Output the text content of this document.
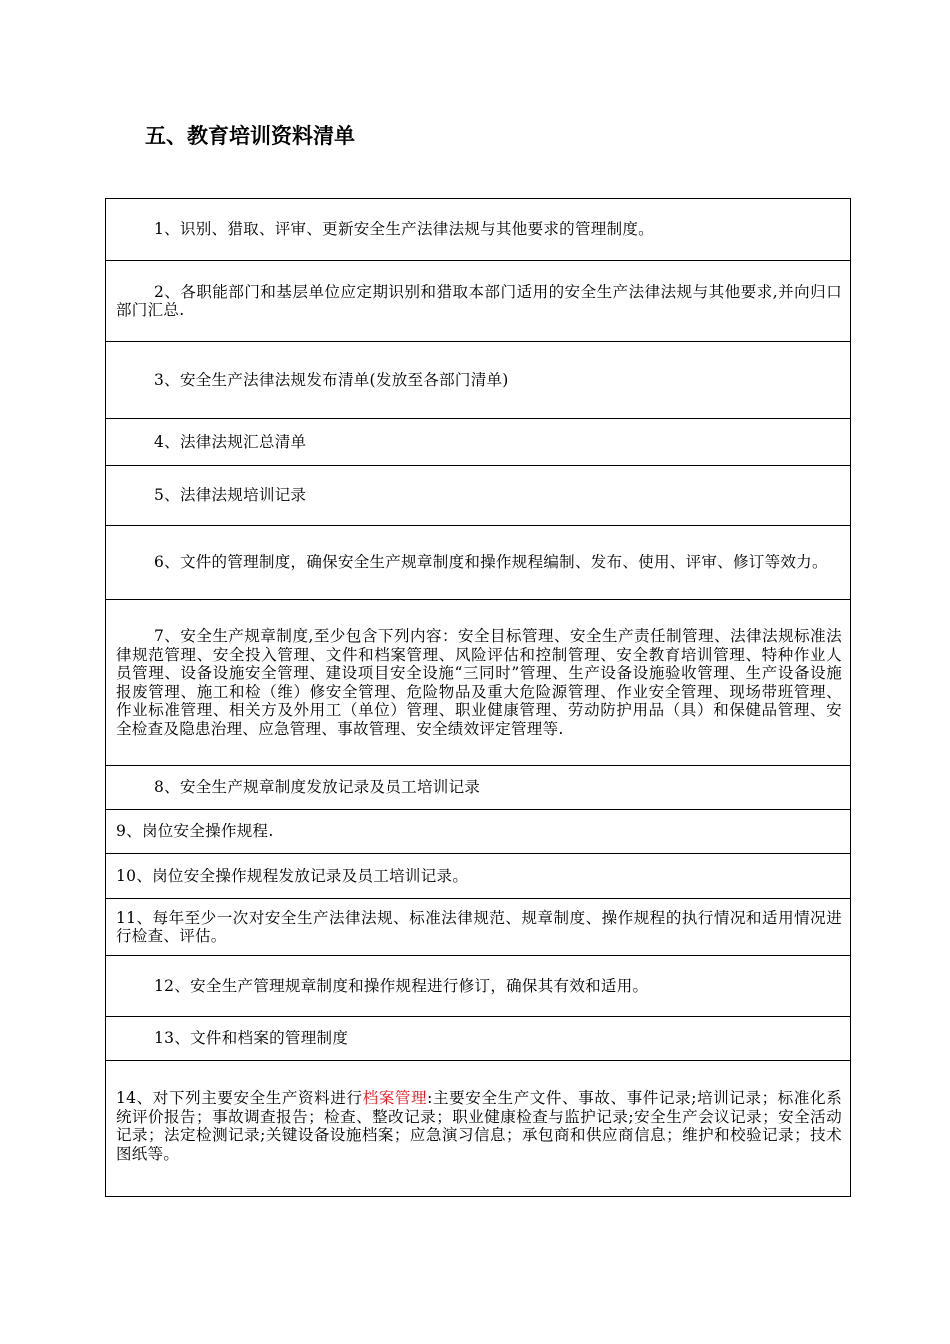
五、教育培训资料清单
1、识别、猎取、评审、更新安全生产法律法规与其他要求的管理制度。
2、各职能部门和基层单位应定期识别和猎取本部门适用的安全生产法律法规与其他要求,并向归口部门汇总.
3、安全生产法律法规发布清单(发放至各部门清单)
4、法律法规汇总清单
5、法律法规培训记录
6、文件的管理制度，确保安全生产规章制度和操作规程编制、发布、使用、评审、修订等效力。
7、安全生产规章制度,至少包含下列内容：安全目标管理、安全生产责任制管理、法律法规标准法律规范管理、安全投入管理、文件和档案管理、风险评估和控制管理、安全教育培训管理、特种作业人员管理、设备设施安全管理、建设项目安全设施“三同时”管理、生产设备设施验收管理、生产设备设施报废管理、施工和检（维）修安全管理、危险物品及重大危险源管理、作业安全管理、现场带班管理、作业标准管理、相关方及外用工（单位）管理、职业健康管理、劳动防护用品（具）和保健品管理、安全检查及隐患治理、应急管理、事故管理、安全绩效评定管理等.
8、安全生产规章制度发放记录及员工培训记录
9、岗位安全操作规程.
10、岗位安全操作规程发放记录及员工培训记录。
11、每年至少一次对安全生产法律法规、标准法律规范、规章制度、操作规程的执行情况和适用情况进行检查、评估。
12、安全生产管理规章制度和操作规程进行修订，确保其有效和适用。
13、文件和档案的管理制度

14、对下列主要安全生产资料进行档案管理:主要安全生产文件、事故、事件记录;培训记录；标准化系统评价报告；事故调查报告；检查、整改记录；职业健康检查与监护记录;安全生产会议记录；安全活动记录；法定检测记录;关键设备设施档案；应急演习信息；承包商和供应商信息；维护和校验记录；技术图纸等。
